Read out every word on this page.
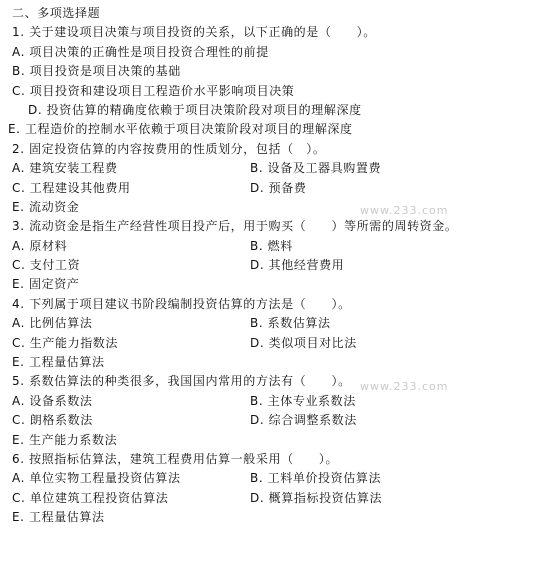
二、多项选择题
1. 关于建设项目决策与项目投资的关系，以下正确的是（　　）。
A. 项目决策的正确性是项目投资合理性的前提
B. 项目投资是项目决策的基础
C. 项目投资和建设项目工程造价水平影响项目决策
D. 投资估算的精确度依赖于项目决策阶段对项目的理解深度
E. 工程造价的控制水平依赖于项目决策阶段对项目的理解深度
2. 固定投资估算的内容按费用的性质划分，包括（　）。
A. 建筑安装工程费	B. 设备及工器具购置费
C. 工程建设其他费用	D. 预备费
E. 流动资金
3. 流动资金是指生产经营性项目投产后，用于购买（　　）等所需的周转资金。
A. 原材料	B. 燃料
C. 支付工资	D. 其他经营费用
E. 固定资产
4. 下列属于项目建议书阶段编制投资估算的方法是（　　）。
A. 比例估算法	B. 系数估算法
C. 生产能力指数法	D. 类似项目对比法
E. 工程量估算法
5. 系数估算法的种类很多，我国国内常用的方法有（　　）。
A. 设备系数法	B. 主体专业系数法
C. 朗格系数法	D. 综合调整系数法
E. 生产能力系数法
6. 按照指标估算法，建筑工程费用估算一般采用（　　）。
A. 单位实物工程量投资估算法	B. 工料单价投资估算法
C. 单位建筑工程投资估算法	D. 概算指标投资估算法
E. 工程量估算法
www.233.com
www.233.com
